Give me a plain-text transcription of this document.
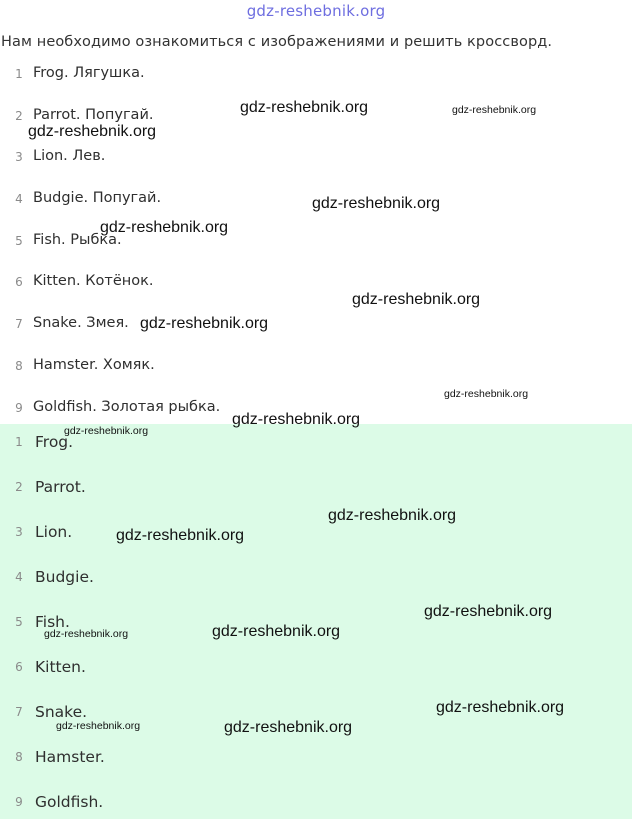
gdz-reshebnik.org
Нам необходимо ознакомиться с изображениями и решить кроссворд.
1 Frog. Лягушка.
2 Parrot. Попугай.
3 Lion. Лев.
4 Budgie. Попугай.
5 Fish. Рыбка.
6 Kitten. Котёнок.
7 Snake. Змея.
8 Hamster. Хомяк.
9 Goldfish. Золотая рыбка.
1 Frog.
2 Parrot.
3 Lion.
4 Budgie.
5 Fish.
6 Kitten.
7 Snake.
8 Hamster.
9 Goldfish.
gdz-reshebnik.org	gdz-reshebnik.org
gdz-reshebnik.org
gdz-reshebnik.org
gdz-reshebnik.org
gdz-reshebnik.org
gdz-reshebnik.org
gdz-reshebnik.org
gdz-reshebnik.org
gdz-reshebnik.org
gdz-reshebnik.org
gdz-reshebnik.org
gdz-reshebnik.org
gdz-reshebnik.org
gdz-reshebnik.org
gdz-reshebnik.org
gdz-reshebnik.org	gdz-reshebnik.org
